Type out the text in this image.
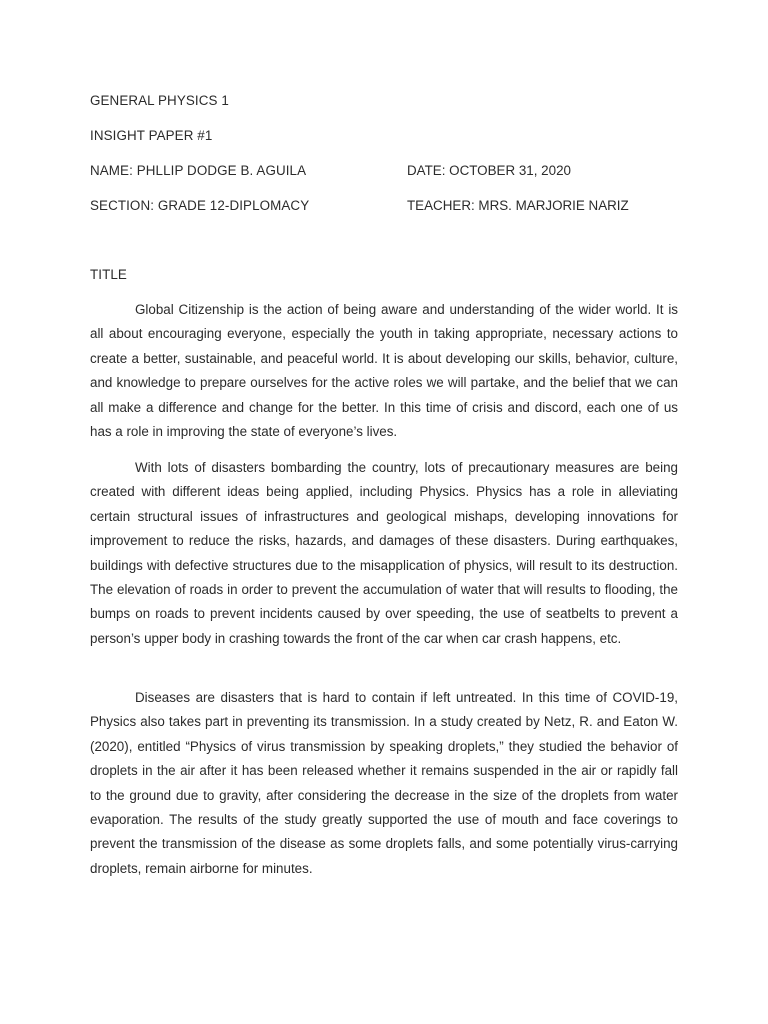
GENERAL PHYSICS 1
INSIGHT PAPER #1
NAME: PHLLIP DODGE B. AGUILA	DATE: OCTOBER 31, 2020
SECTION: GRADE 12-DIPLOMACY	TEACHER: MRS. MARJORIE NARIZ
TITLE

Global Citizenship is the action of being aware and understanding of the wider world. It is all about encouraging everyone, especially the youth in taking appropriate, necessary actions to create a better, sustainable, and peaceful world. It is about developing our skills, behavior, culture, and knowledge to prepare ourselves for the active roles we will partake, and the belief that we can all make a difference and change for the better. In this time of crisis and discord, each one of us has a role in improving the state of everyone’s lives.

With lots of disasters bombarding the country, lots of precautionary measures are being created with different ideas being applied, including Physics. Physics has a role in alleviating certain structural issues of infrastructures and geological mishaps, developing innovations for improvement to reduce the risks, hazards, and damages of these disasters. During earthquakes, buildings with defective structures due to the misapplication of physics, will result to its destruction. The elevation of roads in order to prevent the accumulation of water that will results to flooding, the bumps on roads to prevent incidents caused by over speeding, the use of seatbelts to prevent a person’s upper body in crashing towards the front of the car when car crash happens, etc.

Diseases are disasters that is hard to contain if left untreated. In this time of COVID-19, Physics also takes part in preventing its transmission. In a study created by Netz, R. and Eaton W. (2020), entitled “Physics of virus transmission by speaking droplets,” they studied the behavior of droplets in the air after it has been released whether it remains suspended in the air or rapidly fall to the ground due to gravity, after considering the decrease in the size of the droplets from water evaporation. The results of the study greatly supported the use of mouth and face coverings to prevent the transmission of the disease as some droplets falls, and some potentially virus-carrying droplets, remain airborne for minutes.
